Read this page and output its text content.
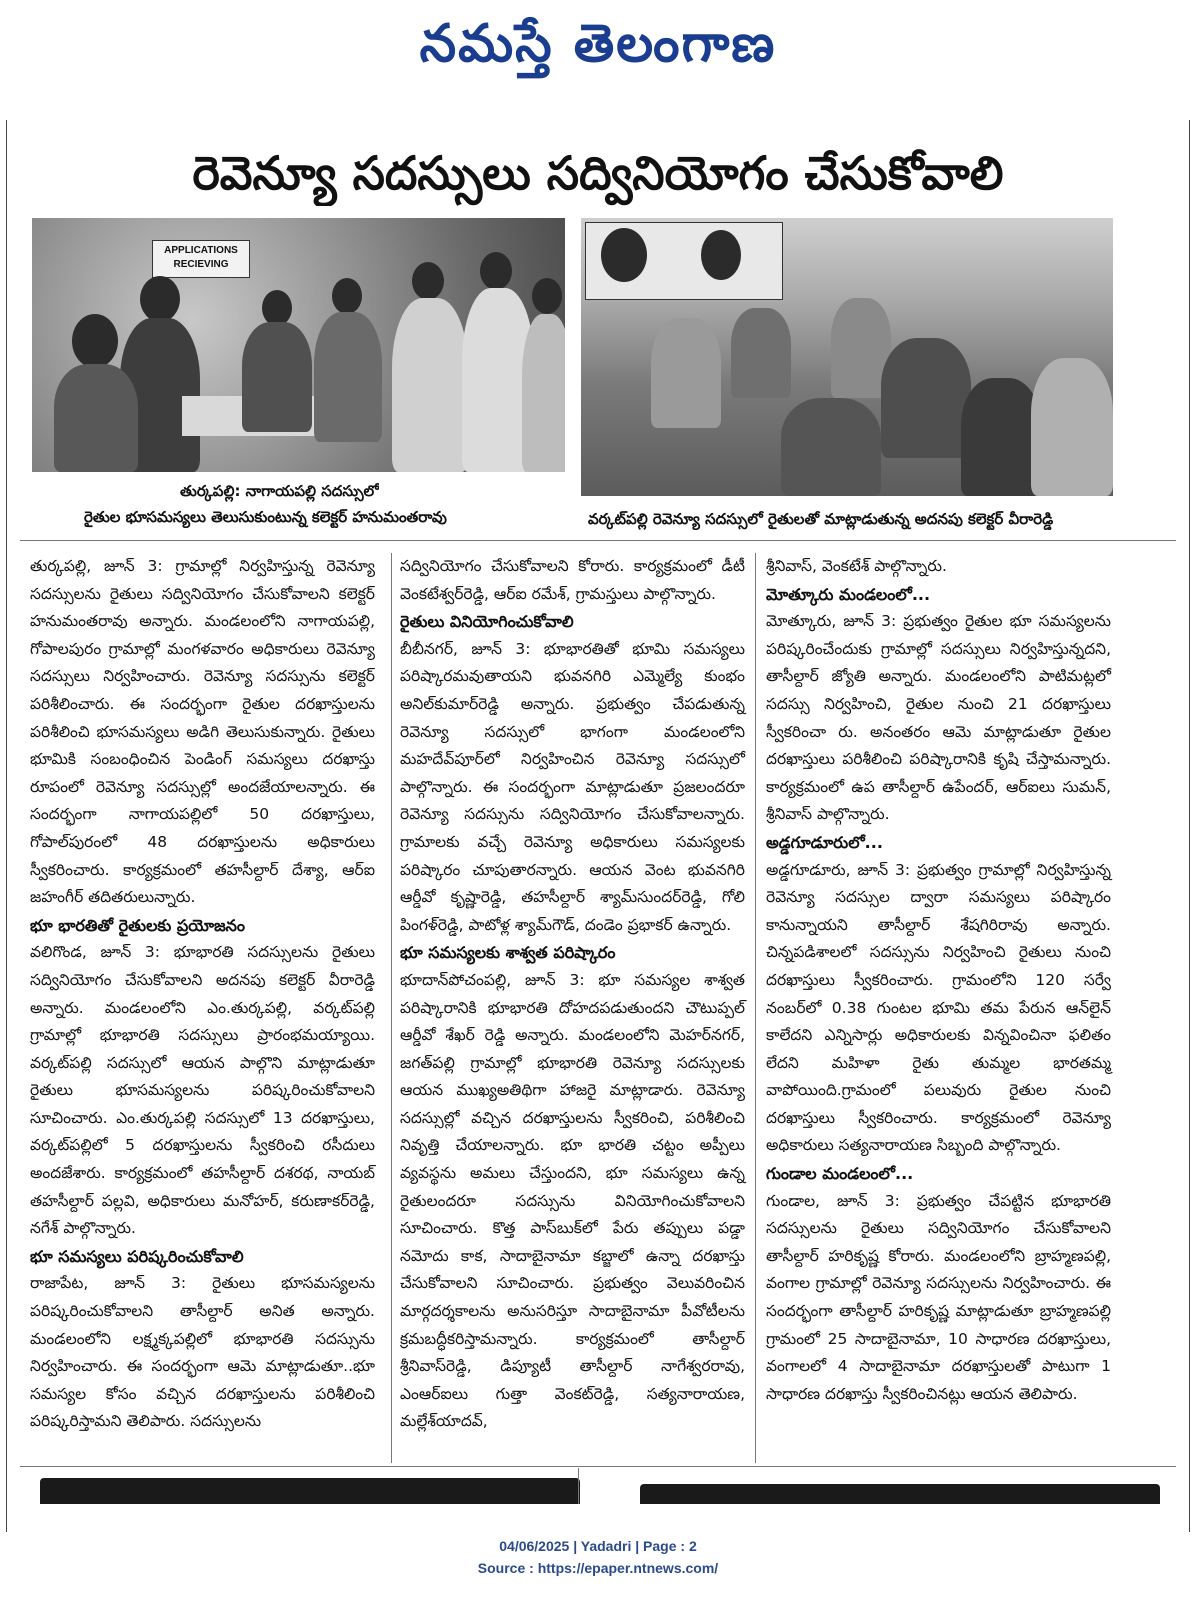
నమస్తే తెలంగాణ
రెవెన్యూ సదస్సులు సద్వినియోగం చేసుకోవాలి
APPLICATIONS RECIEVING
తుర్కపల్లి: నాగాయపల్లి సదస్సులో
రైతుల భూసమస్యలు తెలుసుకుంటున్న కలెక్టర్ హనుమంతరావు	వర్కట్‌పల్లి రెవెన్యూ సదస్సులో రైతులతో మాట్లాడుతున్న అదనపు కలెక్టర్ వీరారెడ్డి

తుర్కపల్లి, జూన్ 3: గ్రామాల్లో నిర్వహిస్తున్న రెవెన్యూ సదస్సులను రైతులు సద్వినియోగం చేసుకోవాలని కలెక్టర్ హనుమంతరావు అన్నారు. మండలంలోని నాగాయపల్లి, గోపాలపురం గ్రామాల్లో మంగళవారం అధికారులు రెవెన్యూ సదస్సులు నిర్వహించారు. రెవెన్యూ సదస్సును కలెక్టర్ పరిశీలించారు. ఈ సందర్భంగా రైతుల దరఖాస్తులను పరిశీలించి భూసమస్యలు అడిగి తెలుసుకున్నారు. రైతులు భూమికి సంబంధించిన పెండింగ్ సమస్యలు దరఖాస్తు రూపంలో రెవెన్యూ సదస్సుల్లో అందజేయాలన్నారు. ఈ సందర్భంగా నాగాయపల్లిలో 50 దరఖాస్తులు, గోపాల్‌పురంలో 48 దరఖాస్తులను అధికారులు స్వీకరించారు. కార్యక్రమంలో తహసీల్దార్ దేశ్యా, ఆర్ఐ జహంగీర్ తదితరులున్నారు.

భూ భారతితో రైతులకు ప్రయోజనం

వలిగొండ, జూన్ 3: భూభారతి సదస్సులను రైతులు సద్వినియోగం చేసుకోవాలని అదనపు కలెక్టర్ వీరారెడ్డి అన్నారు. మండలంలోని ఎం.తుర్కపల్లి, వర్కట్‌పల్లి గ్రామాల్లో భూభారతి సదస్సులు ప్రారంభమయ్యాయి. వర్కట్‌పల్లి సదస్సులో ఆయన పాల్గొని మాట్లాడుతూ రైతులు భూసమస్యలను పరిష్కరించుకోవాలని సూచించారు. ఎం.తుర్కపల్లి సదస్సులో 13 దరఖాస్తులు, వర్కట్‌పల్లిలో 5 దరఖాస్తులను స్వీకరించి రసీదులు అందజేశారు. కార్యక్రమంలో తహసీల్దార్ దశరథ, నాయబ్ తహసీల్దార్ పల్లవి, అధికారులు మనోహర్, కరుణాకర్‌రెడ్డి, నగేశ్ పాల్గొన్నారు.

భూ సమస్యలు పరిష్కరించుకోవాలి

రాజాపేట, జూన్ 3: రైతులు భూసమస్యలను పరిష్కరించుకోవాలని తాసీల్దార్ అనిత అన్నారు. మండలంలోని లక్ష్మక్కపల్లిలో భూభారతి సదస్సును నిర్వహించారు. ఈ సందర్భంగా ఆమె మాట్లాడుతూ..భూ సమస్యల కోసం వచ్చిన దరఖాస్తులను పరిశీలించి పరిష్కరిస్తామని తెలిపారు. సదస్సులను

సద్వినియోగం చేసుకోవాలని కోరారు. కార్యక్రమంలో డీటీ వెంకటేశ్వర్‌రెడ్డి, ఆర్ఐ రమేశ్, గ్రామస్తులు పాల్గొన్నారు.

రైతులు వినియోగించుకోవాలి

బీబీనగర్, జూన్ 3: భూభారతితో భూమి సమస్యలు పరిష్కారమవుతాయని భువనగిరి ఎమ్మెల్యే కుంభం అనిల్‌కుమార్‌రెడ్డి అన్నారు. ప్రభుత్వం చేపడుతున్న రెవెన్యూ సదస్సులో భాగంగా మండలంలోని మహదేవ్‌పూర్‌లో నిర్వహించిన రెవెన్యూ సదస్సులో పాల్గొన్నారు. ఈ సందర్భంగా మాట్లాడుతూ ప్రజలందరూ రెవెన్యూ సదస్సును సద్వినియోగం చేసుకోవాలన్నారు. గ్రామాలకు వచ్చే రెవెన్యూ అధికారులు సమస్యలకు పరిష్కారం చూపుతారన్నారు. ఆయన వెంట భువనగిరి ఆర్డీవో కృష్ణారెడ్డి, తహసీల్దార్ శ్యామ్‌సుందర్‌రెడ్డి, గోలి పింగళ్‌రెడ్డి, పాటోళ్ల శ్యామ్‌గౌడ్, దండెం ప్రభాకర్ ఉన్నారు.

భూ సమస్యలకు శాశ్వత పరిష్కారం

భూదాన్‌పోచంపల్లి, జూన్ 3: భూ సమస్యల శాశ్వత పరిష్కారానికి భూభారతి దోహదపడుతుందని చౌటుప్పల్ ఆర్డీవో శేఖర్ రెడ్డి అన్నారు. మండలంలోని మెహర్‌నగర్, జగత్‌పల్లి గ్రామాల్లో భూభారతి రెవెన్యూ సదస్సులకు ఆయన ముఖ్యఅతిథిగా హాజరై మాట్లాడారు. రెవెన్యూ సదస్సుల్లో వచ్చిన దరఖాస్తులను స్వీకరించి, పరిశీలించి నివృత్తి చేయాలన్నారు. భూ భారతి చట్టం అప్పీలు వ్యవస్థను అమలు చేస్తుందని, భూ సమస్యలు ఉన్న రైతులందరూ సదస్సును వినియోగించుకోవాలని సూచించారు. కొత్త పాస్‌బుక్‌లో పేరు తప్పులు పడ్డా నమోదు కాక, సాదాబైనామా కబ్జాలో ఉన్నా దరఖాస్తు చేసుకోవాలని సూచించారు. ప్రభుత్వం వెలువరించిన మార్గదర్శకాలను అనుసరిస్తూ సాదాబైనామా పీవోటీలను క్రమబద్ధీకరిస్తామన్నారు. కార్యక్రమంలో తాసీల్దార్ శ్రీనివాస్‌రెడ్డి, డిప్యూటీ తాసీల్దార్ నాగేశ్వరరావు, ఎంఆర్ఐలు గుత్తా వెంకట్‌రెడ్డి, సత్యనారాయణ, మల్లేశ్‌యాదవ్,

శ్రీనివాస్, వెంకటేశ్ పాల్గొన్నారు.

మోత్కూరు మండలంలో...

మోత్కూరు, జూన్ 3: ప్రభుత్వం రైతుల భూ సమస్యలను పరిష్కరించేందుకు గ్రామాల్లో సదస్సులు నిర్వహిస్తున్నదని, తాసీల్దార్ జ్యోతి అన్నారు. మండలంలోని పాటిమట్లలో సదస్సు నిర్వహించి, రైతుల నుంచి 21 దరఖాస్తులు స్వీకరించా రు. అనంతరం ఆమె మాట్లాడుతూ రైతుల దరఖాస్తులు పరిశీలించి పరిష్కారానికి కృషి చేస్తామన్నారు. కార్యక్రమంలో ఉప తాసీల్దార్ ఉపేందర్, ఆర్ఐలు సుమన్, శ్రీనివాస్ పాల్గొన్నారు.

అడ్డగూడూరులో...

అడ్డగూడూరు, జూన్ 3: ప్రభుత్వం గ్రామాల్లో నిర్వహిస్తున్న రెవెన్యూ సదస్సుల ద్వారా సమస్యలు పరిష్కారం కానున్నాయని తాసీల్దార్ శేషగిరిరావు అన్నారు. చిన్నపడిశాలలో సదస్సును నిర్వహించి రైతులు నుంచి దరఖాస్తులు స్వీకరించారు. గ్రామంలోని 120 సర్వే నంబర్‌లో 0.38 గుంటల భూమి తమ పేరున ఆన్‌లైన్ కాలేదని ఎన్నిసార్లు అధికారులకు విన్నవించినా ఫలితం లేదని మహిళా రైతు తుమ్మల భారతమ్మ వాపోయింది.గ్రామంలో పలువురు రైతుల నుంచి దరఖాస్తులు స్వీకరించారు. కార్యక్రమంలో రెవెన్యూ అధికారులు సత్యనారాయణ సిబ్బంది పాల్గొన్నారు.

గుండాల మండలంలో...

గుండాల, జూన్ 3: ప్రభుత్వం చేపట్టిన భూభారతి సదస్సులను రైతులు సద్వినియోగం చేసుకోవాలని తాసీల్దార్ హరికృష్ణ కోరారు. మండలంలోని బ్రాహ్మణపల్లి, వంగాల గ్రామాల్లో రెవెన్యూ సదస్సులను నిర్వహించారు. ఈ సందర్భంగా తాసీల్దార్ హరికృష్ణ మాట్లాడుతూ బ్రాహ్మణపల్లి గ్రామంలో 25 సాదాబైనామా, 10 సాధారణ దరఖాస్తులు, వంగాలలో 4 సాదాబైనామా దరఖాస్తులతో పాటుగా 1 సాధారణ దరఖాస్తు స్వీకరించినట్లు ఆయన తెలిపారు.

04/06/2025 | Yadadri | Page : 2
Source : https://epaper.ntnews.com/
